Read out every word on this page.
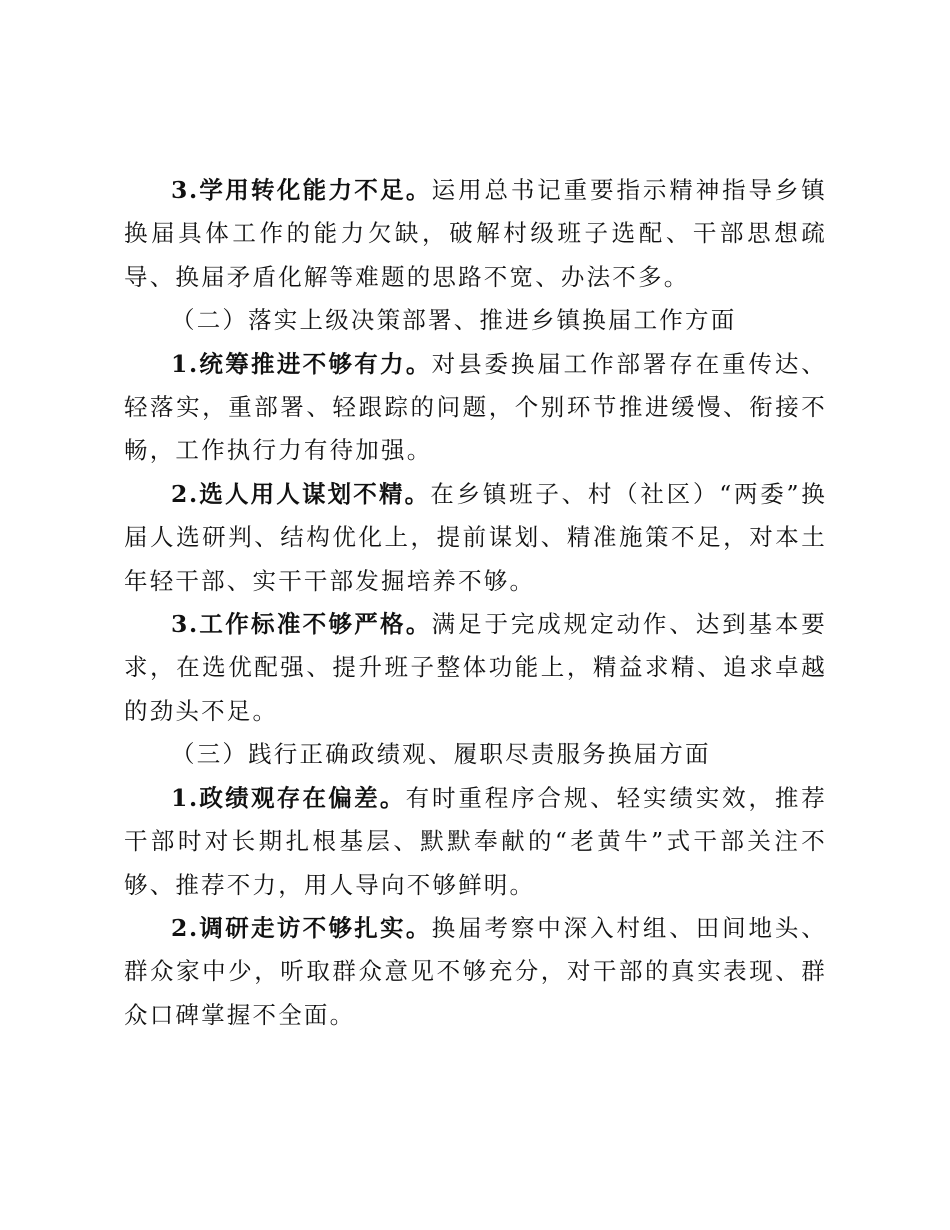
3.学用转化能力不足。运用总书记重要指示精神指导乡镇换届具体工作的能力欠缺，破解村级班子选配、干部思想疏导、换届矛盾化解等难题的思路不宽、办法不多。

（二）落实上级决策部署、推进乡镇换届工作方面

1.统筹推进不够有力。对县委换届工作部署存在重传达、轻落实，重部署、轻跟踪的问题，个别环节推进缓慢、衔接不畅，工作执行力有待加强。

2.选人用人谋划不精。在乡镇班子、村（社区）“两委”换届人选研判、结构优化上，提前谋划、精准施策不足，对本土年轻干部、实干干部发掘培养不够。

3.工作标准不够严格。满足于完成规定动作、达到基本要求，在选优配强、提升班子整体功能上，精益求精、追求卓越的劲头不足。

（三）践行正确政绩观、履职尽责服务换届方面

1.政绩观存在偏差。有时重程序合规、轻实绩实效，推荐干部时对长期扎根基层、默默奉献的“老黄牛”式干部关注不够、推荐不力，用人导向不够鲜明。

2.调研走访不够扎实。换届考察中深入村组、田间地头、群众家中少，听取群众意见不够充分，对干部的真实表现、群众口碑掌握不全面。
